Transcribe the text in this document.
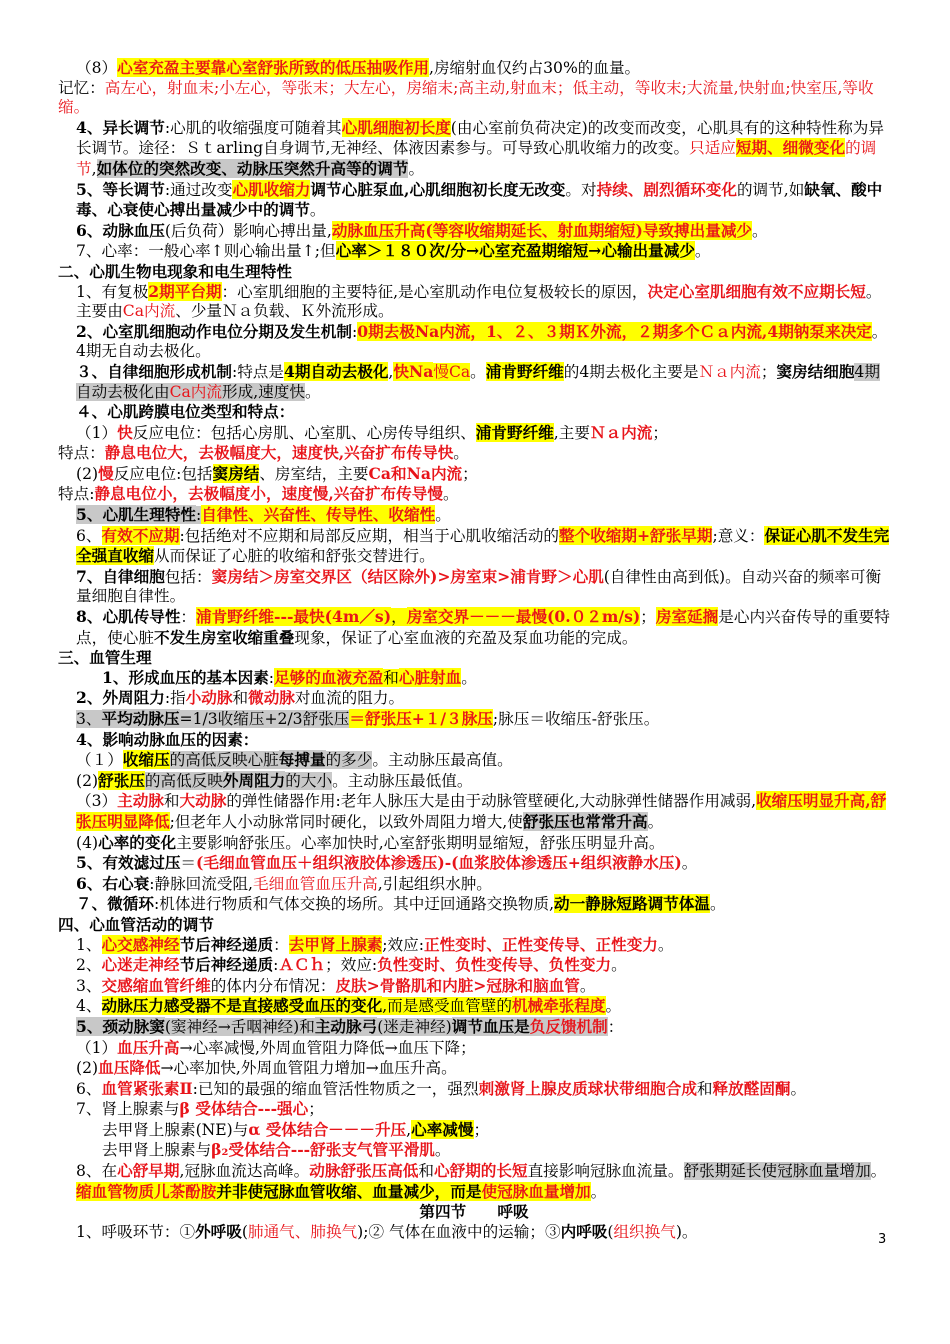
（8）心室充盈主要靠心室舒张所致的低压抽吸作用,房缩射血仅约占30%的血量。
记忆：高左心，射血末;小左心，等张末；大左心，房缩末;高主动,射血末；低主动，等收末;大流量,快射血;快室压,等收缩。
4、异长调节:心肌的收缩强度可随着其心肌细胞初长度(由心室前负荷决定)的改变而改变，心肌具有的这种特性称为异长调节。途径：Ｓｔarling自身调节,无神经、体液因素参与。可导致心肌收缩力的改变。只适应短期、细微变化的调节,如体位的突然改变、动脉压突然升高等的调节。
5、等长调节:通过改变心肌收缩力调节心脏泵血,心肌细胞初长度无改变。对持续、剧烈循环变化的调节,如缺氧、酸中毒、心衰使心搏出量减少中的调节。
6、动脉血压(后负荷）影响心搏出量,动脉血压升高(等容收缩期延长、射血期缩短)导致搏出量减少。
7、心率：一般心率↑则心输出量↑;但心率＞１８０次/分→心室充盈期缩短→心输出量减少。
二、心肌生物电现象和电生理特性
1、有复极2期平台期：心室肌细胞的主要特征,是心室肌动作电位复极较长的原因，决定心室肌细胞有效不应期长短。主要由Ca内流、少量Ｎａ负载、Ｋ外流形成。
2、心室肌细胞动作电位分期及发生机制:0期去极Na内流，1、２、３期Ｋ外流，２期多个Ｃａ内流,4期钠泵来决定。4期无自动去极化。
３、自律细胞形成机制:特点是4期自动去极化,快Na慢Ca。浦肯野纤维的4期去极化主要是Ｎａ内流；窦房结细胞4期自动去极化由Ca内流形成,速度快。
４、心肌跨膜电位类型和特点：
（1）快反应电位：包括心房肌、心室肌、心房传导组织、浦肯野纤维,主要Ｎａ内流；
特点：静息电位大，去极幅度大，速度快,兴奋扩布传导快。
(2)慢反应电位:包括窦房结、房室结，主要Ca和Na内流；
特点:静息电位小，去极幅度小，速度慢,兴奋扩布传导慢。
5、心肌生理特性:自律性、兴奋性、传导性、收缩性。
6、有效不应期:包括绝对不应期和局部反应期，相当于心肌收缩活动的整个收缩期+舒张早期;意义：保证心肌不发生完全强直收缩从而保证了心脏的收缩和舒张交替进行。
7、自律细胞包括：窦房结＞房室交界区（结区除外)>房室束>浦肯野＞心肌(自律性由高到低)。自动兴奋的频率可衡量细胞自律性。
8、心肌传导性：浦肯野纤维---最快(4m／s)，房室交界－－－最慢(0.０２m/s)；房室延搁是心内兴奋传导的重要特点，使心脏不发生房室收缩重叠现象，保证了心室血液的充盈及泵血功能的完成。
三、血管生理
1、形成血压的基本因素:足够的血液充盈和心脏射血。
2、外周阻力:指小动脉和微动脉对血流的阻力。
3、平均动脉压=1/3收缩压+2/3舒张压＝舒张压+１/３脉压;脉压＝收缩压-舒张压。
4、影响动脉血压的因素：
（１）收缩压的高低反映心脏每搏量的多少。主动脉压最高值。
(2)舒张压的高低反映外周阻力的大小。主动脉压最低值。
（3）主动脉和大动脉的弹性储器作用:老年人脉压大是由于动脉管壁硬化,大动脉弹性储器作用减弱,收缩压明显升高,舒张压明显降低;但老年人小动脉常同时硬化，以致外周阻力增大,使舒张压也常常升高。
(4)心率的变化主要影响舒张压。心率加快时,心室舒张期明显缩短，舒张压明显升高。
5、有效滤过压＝(毛细血管血压＋组织液胶体渗透压)-(血浆胶体渗透压+组织液静水压)。
6、右心衰:静脉回流受阻,毛细血管血压升高,引起组织水肿。
７、微循环:机体进行物质和气体交换的场所。其中迂回通路交换物质,动一静脉短路调节体温。
四、心血管活动的调节
1、心交感神经节后神经递质：去甲肾上腺素;效应:正性变时、正性变传导、正性变力。
2、心迷走神经节后神经递质:ＡＣｈ；效应:负性变时、负性变传导、负性变力。
3、交感缩血管纤维的体内分布情况：皮肤>骨骼肌和内脏>冠脉和脑血管。
4、动脉压力感受器不是直接感受血压的变化,而是感受血管壁的机械牵张程度。
5、颈动脉窦(窦神经→舌咽神经)和主动脉弓(迷走神经)调节血压是负反馈机制：
（1）血压升高→心率减慢,外周血管阻力降低→血压下降；
(2)血压降低→心率加快,外周血管阻力增加→血压升高。
6、血管紧张素Ⅱ:已知的最强的缩血管活性物质之一，强烈刺激肾上腺皮质球状带细胞合成和释放醛固酮。
7、肾上腺素与β 受体结合---强心；
去甲肾上腺素(NE)与α 受体结合－－－升压,心率减慢；
去甲肾上腺素与β₂受体结合---舒张支气管平滑肌。
8、在心舒早期,冠脉血流达高峰。动脉舒张压高低和心舒期的长短直接影响冠脉血流量。舒张期延长使冠脉血量增加。缩血管物质儿茶酚胺并非使冠脉血管收缩、血量减少，而是使冠脉血量增加。
第四节　　呼吸
1、呼吸环节：①外呼吸(肺通气、肺换气);② 气体在血液中的运输；③内呼吸(组织换气)。	3
